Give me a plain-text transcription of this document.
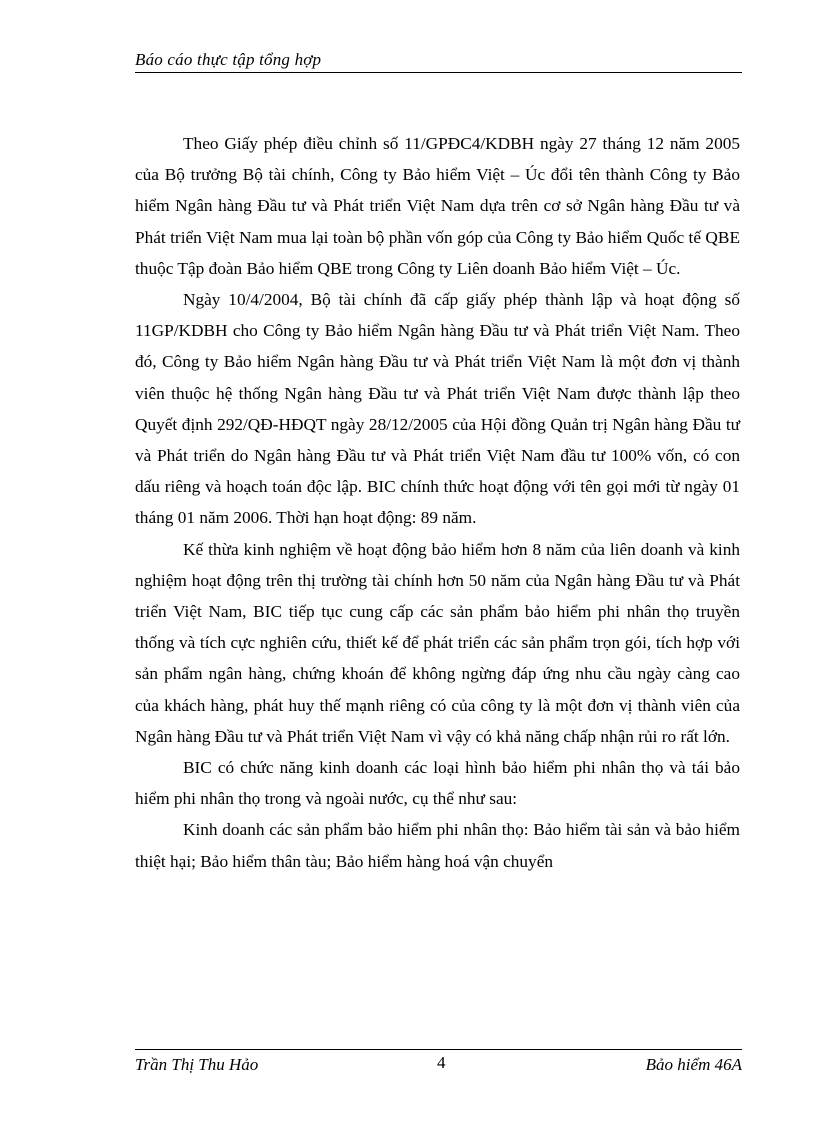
Báo cáo thực tập tổng hợp

Theo Giấy phép điều chỉnh số 11/GPĐC4/KDBH ngày 27 tháng 12 năm 2005 của Bộ trưởng Bộ tài chính, Công ty Bảo hiểm Việt – Úc đổi tên thành Công ty Bảo hiểm Ngân hàng Đầu tư và Phát triển Việt Nam dựa trên cơ sở Ngân hàng Đầu tư và Phát triển Việt Nam mua lại toàn bộ phần vốn góp của Công ty Bảo hiểm Quốc tế QBE thuộc Tập đoàn Bảo hiểm QBE trong Công ty Liên doanh Bảo hiểm Việt – Úc.

Ngày 10/4/2004, Bộ tài chính đã cấp giấy phép thành lập và hoạt động số 11GP/KDBH cho Công ty Bảo hiểm Ngân hàng Đầu tư và Phát triển Việt Nam. Theo đó, Công ty Bảo hiểm Ngân hàng Đầu tư và Phát triển Việt Nam là một đơn vị thành viên thuộc hệ thống Ngân hàng Đầu tư và Phát triển Việt Nam được thành lập theo Quyết định 292/QĐ-HĐQT ngày 28/12/2005 của Hội đồng Quản trị Ngân hàng Đầu tư và Phát triển do Ngân hàng Đầu tư và Phát triển Việt Nam đầu tư 100% vốn, có con dấu riêng và hoạch toán độc lập. BIC chính thức hoạt động với tên gọi mới từ ngày 01 tháng 01 năm 2006. Thời hạn hoạt động: 89 năm.

Kế thừa kinh nghiệm về hoạt động bảo hiểm hơn 8 năm của liên doanh và kinh nghiệm hoạt động trên thị trường tài chính hơn 50 năm của Ngân hàng Đầu tư và Phát triển Việt Nam, BIC tiếp tục cung cấp các sản phẩm bảo hiểm phi nhân thọ truyền thống và tích cực nghiên cứu, thiết kế để phát triển các sản phẩm trọn gói, tích hợp với sản phẩm ngân hàng, chứng khoán để không ngừng đáp ứng nhu cầu ngày càng cao của khách hàng, phát huy thế mạnh riêng có của công ty là một đơn vị thành viên của Ngân hàng Đầu tư và Phát triển Việt Nam vì vậy có khả năng chấp nhận rủi ro rất lớn.

BIC có chức năng kinh doanh các loại hình bảo hiểm phi nhân thọ và tái bảo hiểm phi nhân thọ trong và ngoài nước, cụ thể như sau:

Kinh doanh các sản phẩm bảo hiểm phi nhân thọ: Bảo hiểm tài sản và bảo hiểm thiệt hại; Bảo hiểm thân tàu; Bảo hiểm hàng hoá vận chuyển

Trần Thị Thu Hảo	4	Bảo hiểm 46A
